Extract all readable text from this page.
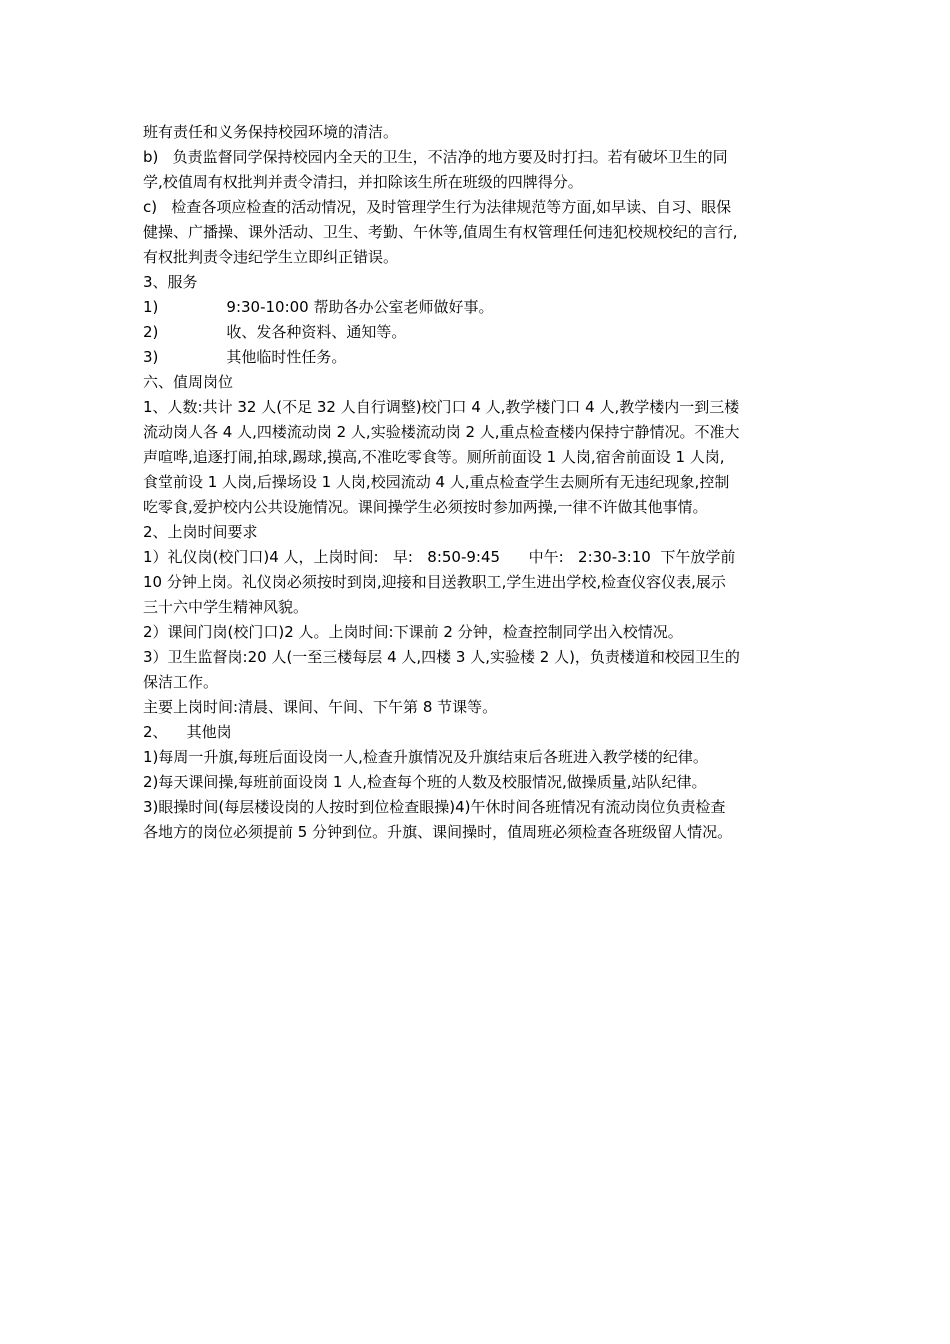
班有责任和义务保持校园环境的清洁。

b)   负责监督同学保持校园内全天的卫生，不洁净的地方要及时打扫。若有破坏卫生的同

学,校值周有权批判并责令清扫，并扣除该生所在班级的四牌得分。

c)   检查各项应检查的活动情况，及时管理学生行为法律规范等方面,如早读、自习、眼保

健操、广播操、课外活动、卫生、考勤、午休等,值周生有权管理任何违犯校规校纪的言行,

有权批判责令违纪学生立即纠正错误。

3、服务

1)	9:30-10:00 帮助各办公室老师做好事。

2)	收、发各种资料、通知等。

3)	其他临时性任务。

六、值周岗位

1、人数:共计 32 人(不足 32 人自行调整)校门口 4 人,教学楼门口 4 人,教学楼内一到三楼

流动岗人各 4 人,四楼流动岗 2 人,实验楼流动岗 2 人,重点检查楼内保持宁静情况。不准大

声喧哗,追逐打闹,拍球,踢球,摸高,不准吃零食等。厕所前面设 1 人岗,宿舍前面设 1 人岗,

食堂前设 1 人岗,后操场设 1 人岗,校园流动 4 人,重点检查学生去厕所有无违纪现象,控制

吃零食,爱护校内公共设施情况。课间操学生必须按时参加两操,一律不许做其他事情。

2、上岗时间要求

1）礼仪岗(校门口)4 人，上岗时间:   早:   8:50-9:45      中午:   2:30-3:10  下午放学前

10 分钟上岗。礼仪岗必须按时到岗,迎接和目送教职工,学生进出学校,检查仪容仪表,展示

三十六中学生精神风貌。

2）课间门岗(校门口)2 人。上岗时间:下课前 2 分钟，检查控制同学出入校情况。

3）卫生监督岗:20 人(一至三楼每层 4 人,四楼 3 人,实验楼 2 人)，负责楼道和校园卫生的

保洁工作。

主要上岗时间:清晨、课间、午间、下午第 8 节课等。

2、    其他岗

1)每周一升旗,每班后面设岗一人,检查升旗情况及升旗结束后各班进入教学楼的纪律。

2)每天课间操,每班前面设岗 1 人,检查每个班的人数及校服情况,做操质量,站队纪律。

3)眼操时间(每层楼设岗的人按时到位检查眼操)4)午休时间各班情况有流动岗位负责检查

各地方的岗位必须提前 5 分钟到位。升旗、课间操时，值周班必须检查各班级留人情况。
